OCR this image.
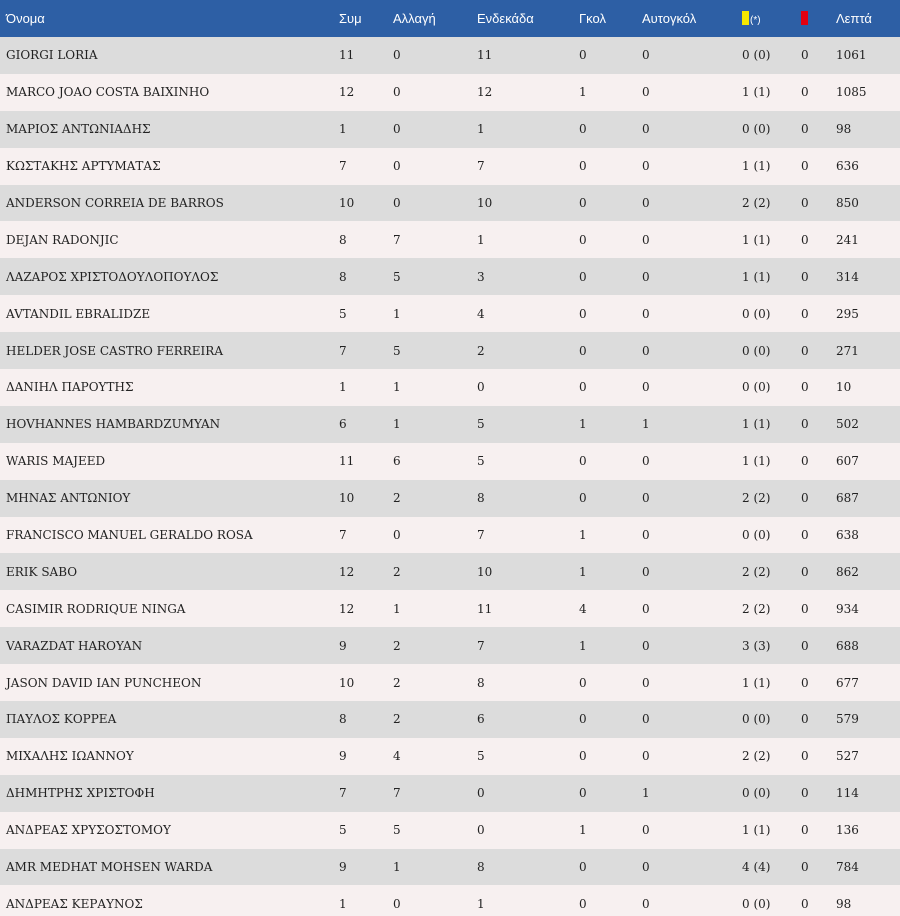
Όνομα	Συμ	Αλλαγή	Ενδεκάδα	Γκολ	Αυτογκόλ	(*)		Λεπτά
GIORGI LORIA	11	0	11	0	0	0 (0)	0	1061
MARCO JOAO COSTA BAIXINHO	12	0	12	1	0	1 (1)	0	1085
ΜΑΡΙΟΣ ΑΝΤΩΝΙΑΔΗΣ	1	0	1	0	0	0 (0)	0	98
ΚΩΣΤΑΚΗΣ ΑΡΤΥΜΑΤΑΣ	7	0	7	0	0	1 (1)	0	636
ANDERSON CORREIA DE BARROS	10	0	10	0	0	2 (2)	0	850
DEJAN RADONJIC	8	7	1	0	0	1 (1)	0	241
ΛΑΖΑΡΟΣ ΧΡΙΣΤΟΔΟΥΛΟΠΟΥΛΟΣ	8	5	3	0	0	1 (1)	0	314
AVTANDIL EBRALIDZE	5	1	4	0	0	0 (0)	0	295
HELDER JOSE CASTRO FERREIRA	7	5	2	0	0	0 (0)	0	271
ΔΑΝΙΗΛ ΠΑΡΟΥΤΗΣ	1	1	0	0	0	0 (0)	0	10
HOVHANNES HAMBARDZUMYAN	6	1	5	1	1	1 (1)	0	502
WARIS MAJEED	11	6	5	0	0	1 (1)	0	607
ΜΗΝΑΣ ΑΝΤΩΝΙΟΥ	10	2	8	0	0	2 (2)	0	687
FRANCISCO MANUEL GERALDO ROSA	7	0	7	1	0	0 (0)	0	638
ERIK SABO	12	2	10	1	0	2 (2)	0	862
CASIMIR RODRIQUE NINGA	12	1	11	4	0	2 (2)	0	934
VARAZDAT HAROYAN	9	2	7	1	0	3 (3)	0	688
JASON DAVID IAN PUNCHEON	10	2	8	0	0	1 (1)	0	677
ΠΑΥΛΟΣ ΚΟΡΡΕΑ	8	2	6	0	0	0 (0)	0	579
ΜΙΧΑΛΗΣ ΙΩΑΝΝΟΥ	9	4	5	0	0	2 (2)	0	527
ΔΗΜΗΤΡΗΣ ΧΡΙΣΤΟΦΗ	7	7	0	0	1	0 (0)	0	114
ΑΝΔΡΕΑΣ ΧΡΥΣΟΣΤΟΜΟΥ	5	5	0	1	0	1 (1)	0	136
AMR MEDHAT MOHSEN WARDA	9	1	8	0	0	4 (4)	0	784
ΑΝΔΡΕΑΣ ΚΕΡΑΥΝΟΣ	1	0	1	0	0	0 (0)	0	98
